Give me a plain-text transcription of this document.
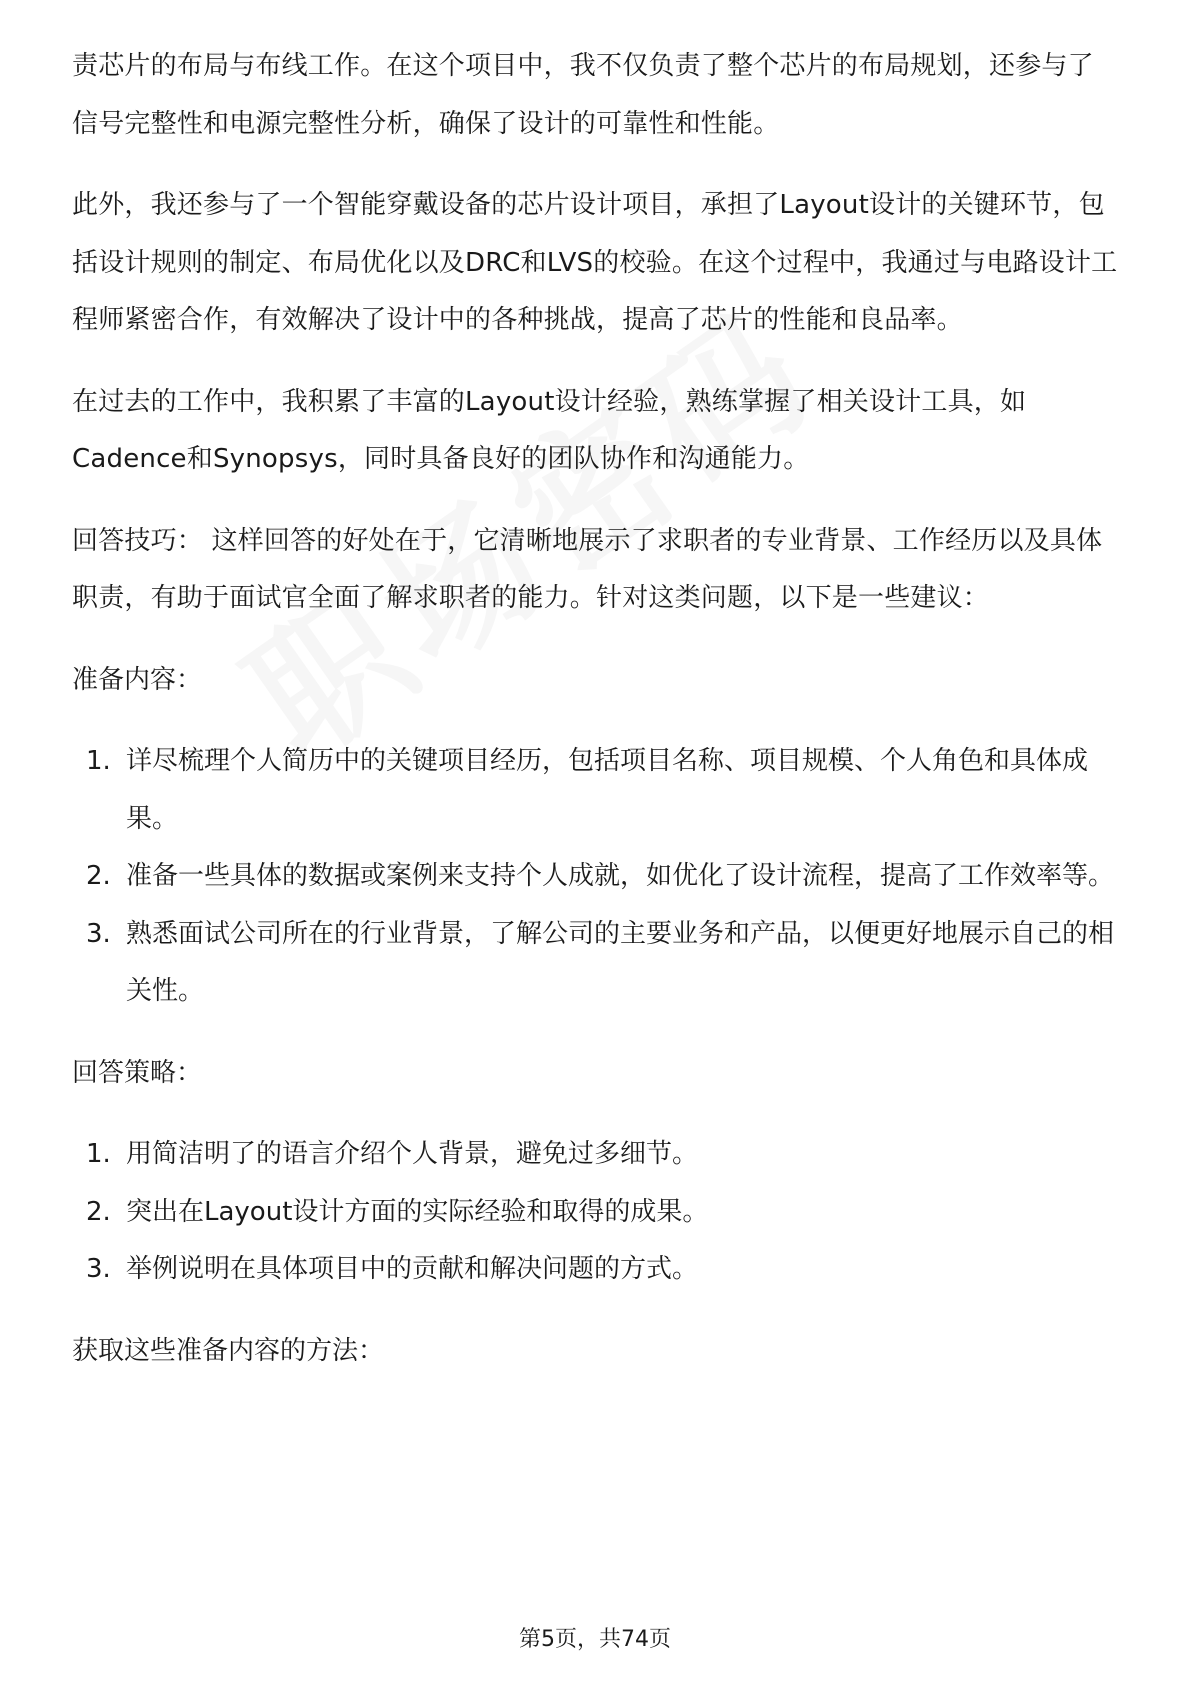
责芯片的布局与布线工作。在这个项目中，我不仅负责了整个芯片的布局规划，还参与了信号完整性和电源完整性分析，确保了设计的可靠性和性能。

此外，我还参与了一个智能穿戴设备的芯片设计项目，承担了Layout设计的关键环节，包括设计规则的制定、布局优化以及DRC和LVS的校验。在这个过程中，我通过与电路设计工程师紧密合作，有效解决了设计中的各种挑战，提高了芯片的性能和良品率。

在过去的工作中，我积累了丰富的Layout设计经验，熟练掌握了相关设计工具，如Cadence和Synopsys，同时具备良好的团队协作和沟通能力。

回答技巧： 这样回答的好处在于，它清晰地展示了求职者的专业背景、工作经历以及具体职责，有助于面试官全面了解求职者的能力。针对这类问题，以下是一些建议：

准备内容：

1. 详尽梳理个人简历中的关键项目经历，包括项目名称、项目规模、个人角色和具体成果。
2. 准备一些具体的数据或案例来支持个人成就，如优化了设计流程，提高了工作效率等。
3. 熟悉面试公司所在的行业背景，了解公司的主要业务和产品，以便更好地展示自己的相关性。

回答策略：

1. 用简洁明了的语言介绍个人背景，避免过多细节。
2. 突出在Layout设计方面的实际经验和取得的成果。
3. 举例说明在具体项目中的贡献和解决问题的方式。

获取这些准备内容的方法：

第5页，共74页
